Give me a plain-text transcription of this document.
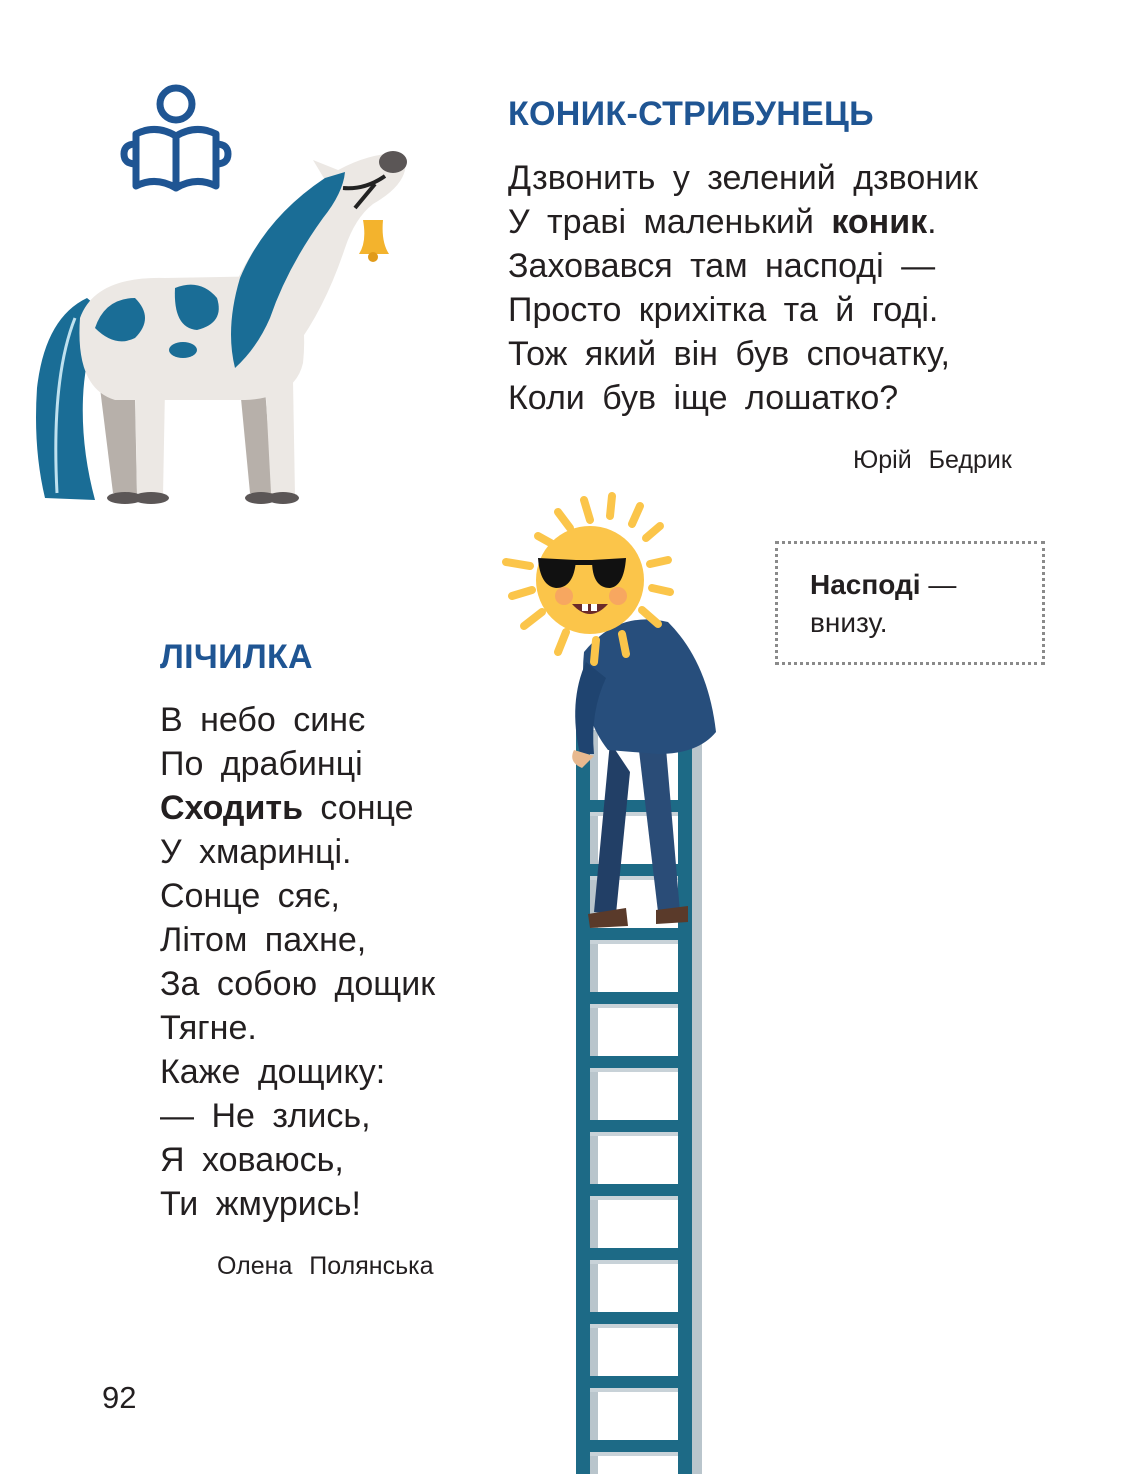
КОНИК-СТРИБУНЕЦЬ
Дзвонить у зелений дзвоник
У траві маленький коник.
Заховався там насподі —
Просто крихітка та й годі.
Тож який він був спочатку,
Коли був іще лошатко?
Юрій Бедрик
Насподі —
внизу.
ЛІЧИЛКА
В небо синє
По драбинці
Сходить сонце
У хмаринці.
Сонце сяє,
Літом пахне,
За собою дощик
Тягне.
Каже дощику:
— Не злись,
Я ховаюсь,
Ти жмурись!
Олена Полянська
92
